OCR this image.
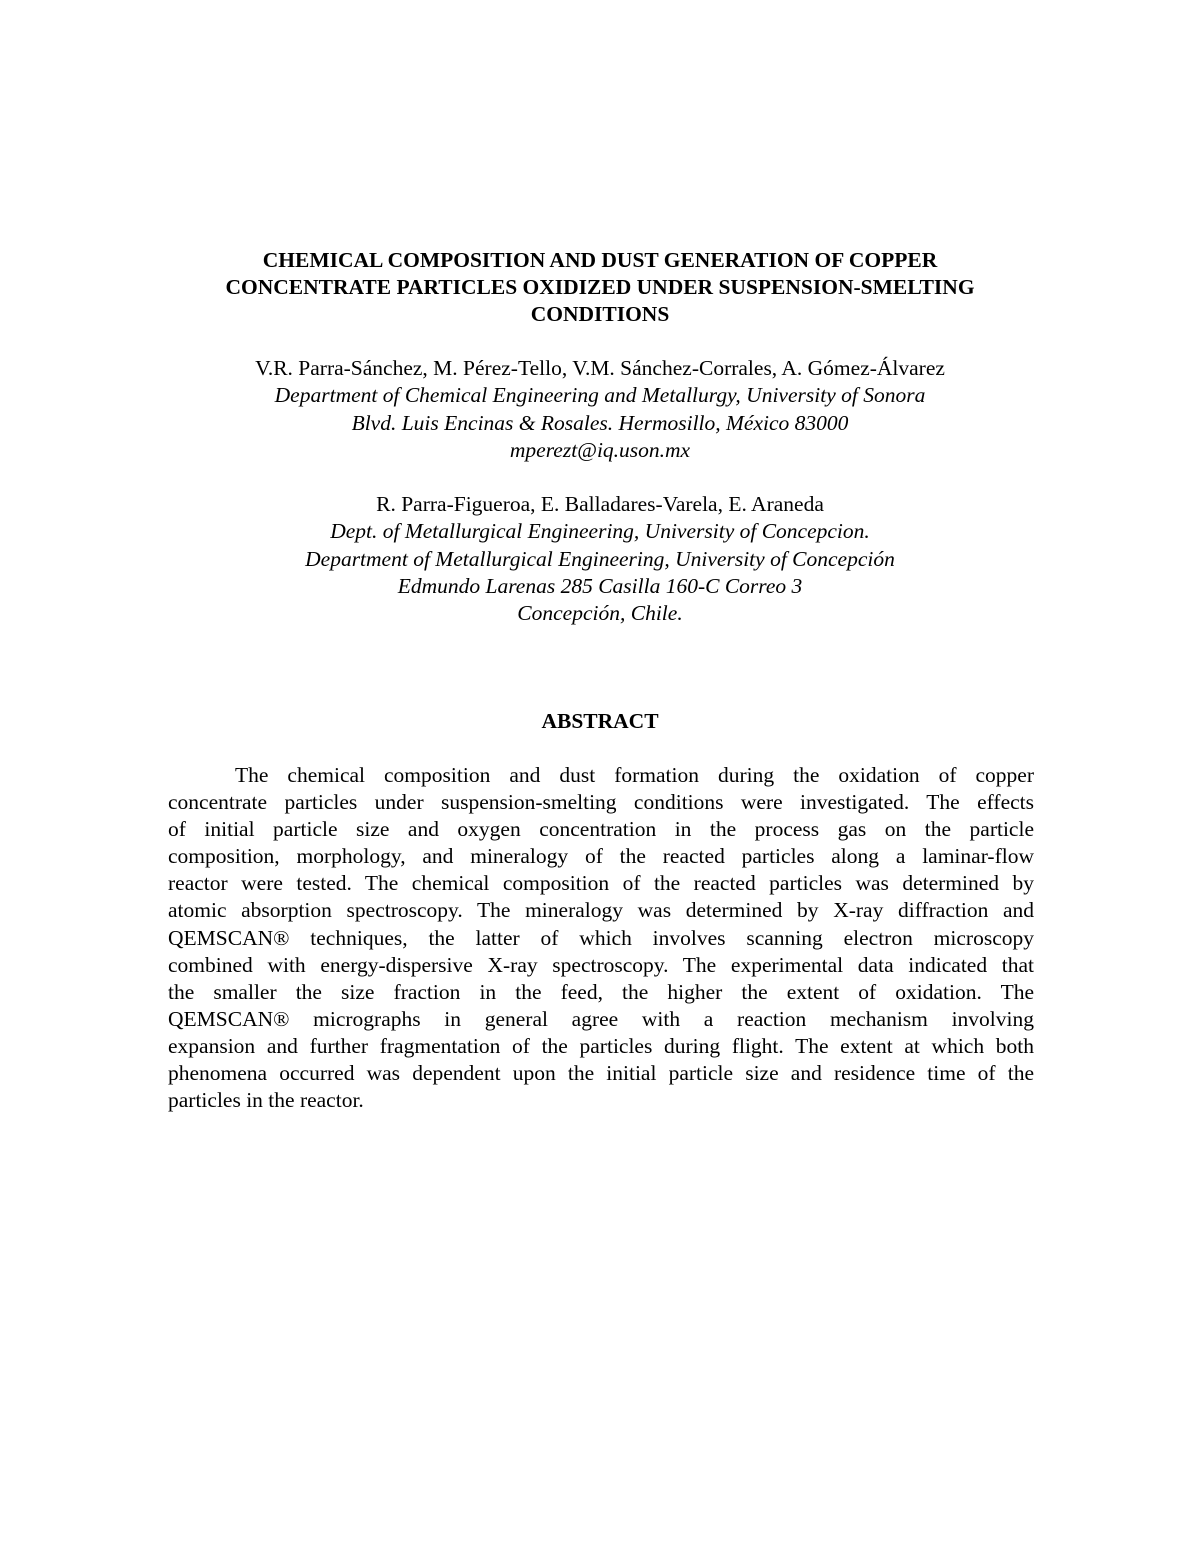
CHEMICAL COMPOSITION AND DUST GENERATION OF COPPER
CONCENTRATE PARTICLES OXIDIZED UNDER SUSPENSION-SMELTING
CONDITIONS
V.R. Parra-Sánchez, M. Pérez-Tello, V.M. Sánchez-Corrales, A. Gómez-Álvarez
Department of Chemical Engineering and Metallurgy, University of Sonora
Blvd. Luis Encinas & Rosales. Hermosillo, México 83000
mperezt@iq.uson.mx
R. Parra-Figueroa, E. Balladares-Varela, E. Araneda
Dept. of Metallurgical Engineering, University of Concepcion.
Department of Metallurgical Engineering, University of Concepción
Edmundo Larenas 285 Casilla 160-C Correo 3
Concepción, Chile.
ABSTRACT
The chemical composition and dust formation during the oxidation of copper
concentrate particles under suspension-smelting conditions were investigated. The effects
of initial particle size and oxygen concentration in the process gas on the particle
composition, morphology, and mineralogy of the reacted particles along a laminar-flow
reactor were tested. The chemical composition of the reacted particles was determined by
atomic absorption spectroscopy. The mineralogy was determined by X-ray diffraction and
QEMSCAN® techniques, the latter of which involves scanning electron microscopy
combined with energy-dispersive X-ray spectroscopy. The experimental data indicated that
the smaller the size fraction in the feed, the higher the extent of oxidation. The
QEMSCAN® micrographs in general agree with a reaction mechanism involving
expansion and further fragmentation of the particles during flight. The extent at which both
phenomena occurred was dependent upon the initial particle size and residence time of the
particles in the reactor.
